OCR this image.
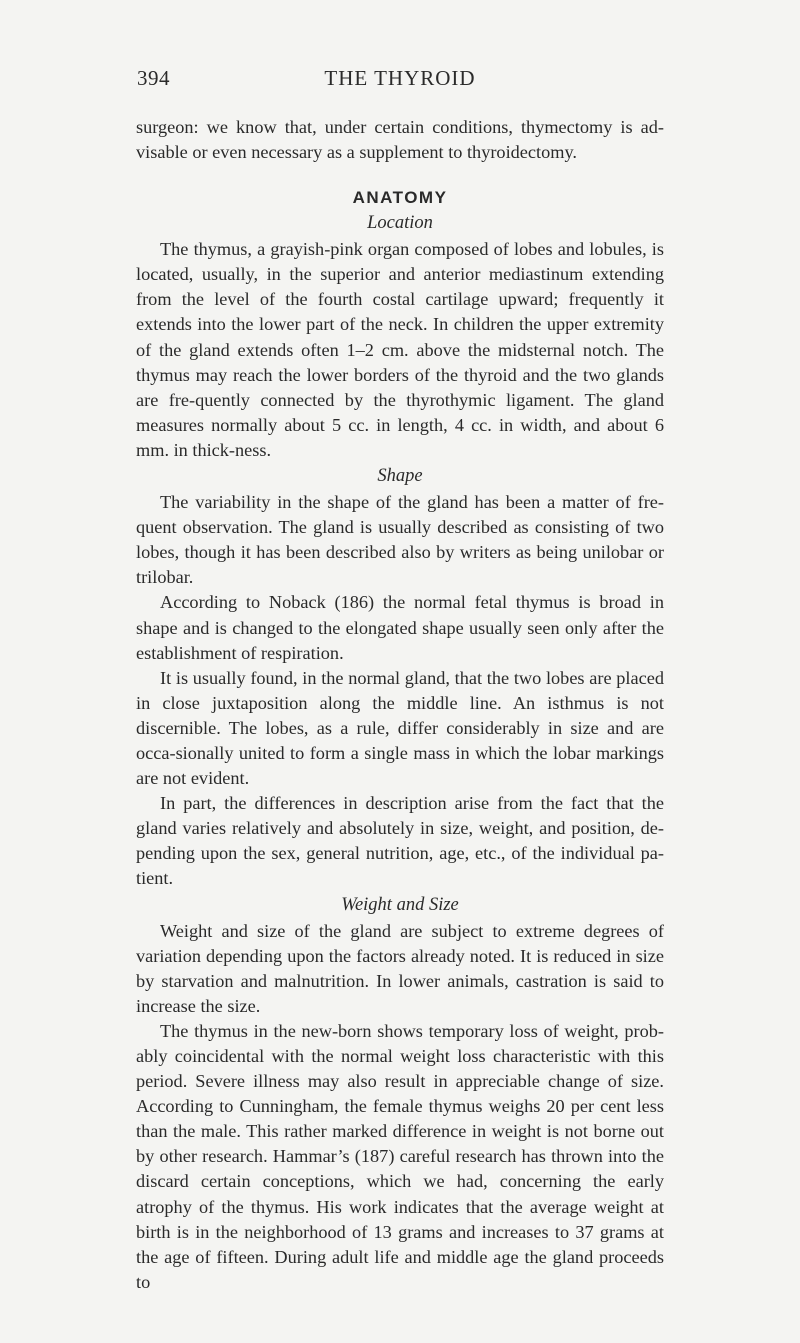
394	THE THYROID

surgeon: we know that, under certain conditions, thymectomy is ad-visable or even necessary as a supplement to thyroidectomy.

ANATOMY
Location

The thymus, a grayish-pink organ composed of lobes and lobules, is located, usually, in the superior and anterior mediastinum extending from the level of the fourth costal cartilage upward; frequently it extends into the lower part of the neck. In children the upper extremity of the gland extends often 1–2 cm. above the midsternal notch. The thymus may reach the lower borders of the thyroid and the two glands are fre-quently connected by the thyrothymic ligament. The gland measures normally about 5 cc. in length, 4 cc. in width, and about 6 mm. in thick-ness.

Shape

The variability in the shape of the gland has been a matter of fre-quent observation. The gland is usually described as consisting of two lobes, though it has been described also by writers as being unilobar or trilobar.

According to Noback (186) the normal fetal thymus is broad in shape and is changed to the elongated shape usually seen only after the establishment of respiration.

It is usually found, in the normal gland, that the two lobes are placed in close juxtaposition along the middle line. An isthmus is not discernible. The lobes, as a rule, differ considerably in size and are occa-sionally united to form a single mass in which the lobar markings are not evident.

In part, the differences in description arise from the fact that the gland varies relatively and absolutely in size, weight, and position, de-pending upon the sex, general nutrition, age, etc., of the individual pa-tient.

Weight and Size

Weight and size of the gland are subject to extreme degrees of variation depending upon the factors already noted. It is reduced in size by starvation and malnutrition. In lower animals, castration is said to increase the size.

The thymus in the new-born shows temporary loss of weight, prob-ably coincidental with the normal weight loss characteristic with this period. Severe illness may also result in appreciable change of size. According to Cunningham, the female thymus weighs 20 per cent less than the male. This rather marked difference in weight is not borne out by other research. Hammar’s (187) careful research has thrown into the discard certain conceptions, which we had, concerning the early atrophy of the thymus. His work indicates that the average weight at birth is in the neighborhood of 13 grams and increases to 37 grams at the age of fifteen. During adult life and middle age the gland proceeds to
